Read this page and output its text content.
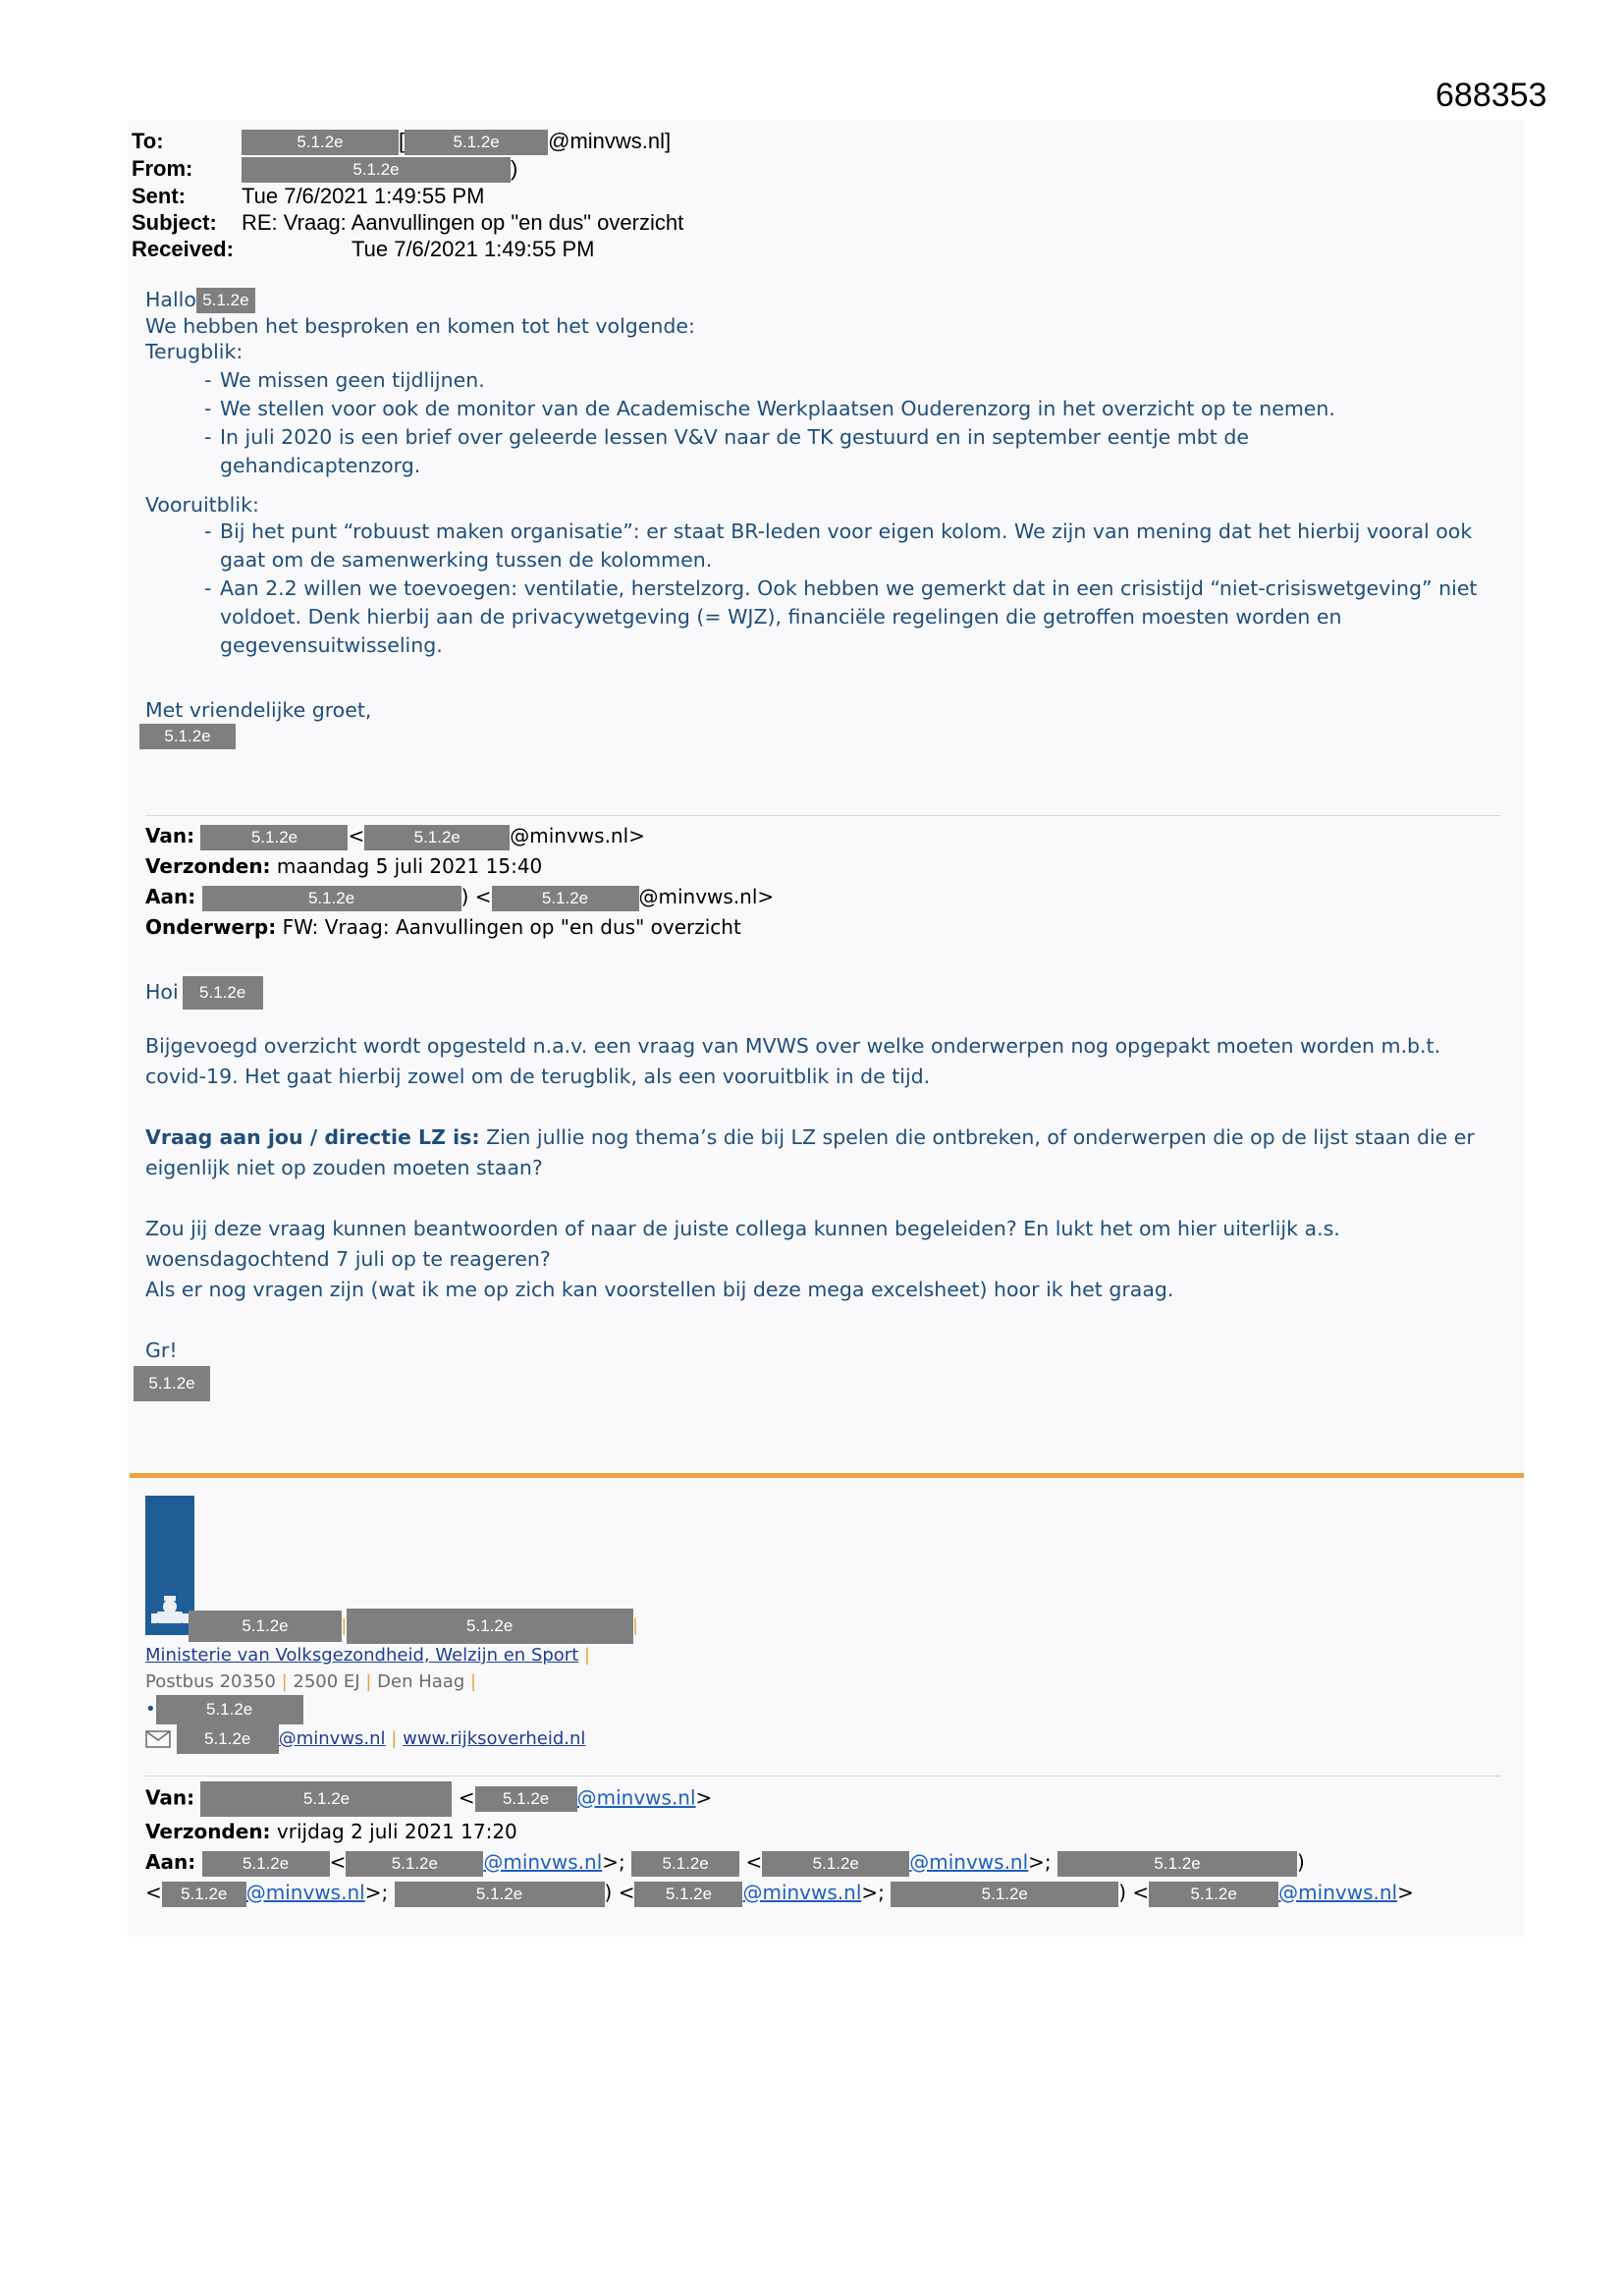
688353
To:	5.1.2e	[	5.1.2e @minvws.nl]
From:	5.1.2e	)
Sent:	Tue 7/6/2021 1:49:55 PM
Subject: RE: Vraag: Aanvullingen op "en dus" overzicht
Received:	Tue 7/6/2021 1:49:55 PM
Hallo 5.1.2e
We hebben het besproken en komen tot het volgende:
Terugblik:
- We missen geen tijdlijnen.
- We stellen voor ook de monitor van de Academische Werkplaatsen Ouderenzorg in het overzicht op te nemen.
- In juli 2020 is een brief over geleerde lessen V&V naar de TK gestuurd en in september eentje mbt de gehandicaptenzorg.
Vooruitblik:
- Bij het punt “robuust maken organisatie”: er staat BR-leden voor eigen kolom. We zijn van mening dat het hierbij vooral ook gaat om de samenwerking tussen de kolommen.
- Aan 2.2 willen we toevoegen: ventilatie, herstelzorg. Ook hebben we gemerkt dat in een crisistijd “niet-crisiswetgeving” niet voldoet. Denk hierbij aan de privacywetgeving (= WJZ), financiële regelingen die getroffen moesten worden en gegevensuitwisseling.
Met vriendelijke groet,
5.1.2e
Van:	5.1.2e	<	5.1.2e	@minvws.nl>
Verzonden: maandag 5 juli 2021 15:40
Aan:	5.1.2e	) <	5.1.2e	@minvws.nl>
Onderwerp: FW: Vraag: Aanvullingen op "en dus" overzicht
Hoi 5.1.2e
Bijgevoegd overzicht wordt opgesteld n.a.v. een vraag van MVWS over welke onderwerpen nog opgepakt moeten worden m.b.t. covid-19. Het gaat hierbij zowel om de terugblik, als een vooruitblik in de tijd.
Vraag aan jou / directie LZ is: Zien jullie nog thema’s die bij LZ spelen die ontbreken, of onderwerpen die op de lijst staan die er eigenlijk niet op zouden moeten staan?
Zou jij deze vraag kunnen beantwoorden of naar de juiste collega kunnen begeleiden? En lukt het om hier uiterlijk a.s. woensdagochtend 7 juli op te reageren?
Als er nog vragen zijn (wat ik me op zich kan voorstellen bij deze mega excelsheet) hoor ik het graag.
Gr!
5.1.2e
5.1.2e	|	5.1.2e	|
Ministerie van Volksgezondheid, Welzijn en Sport |
Postbus 20350 | 2500 EJ | Den Haag |
•	5.1.2e
5.1.2e @minvws.nl | www.rijksoverheid.nl
Van:	5.1.2e	< 5.1.2e @minvws.nl>
Verzonden: vrijdag 2 juli 2021 17:20
Aan:	5.1.2e <	5.1.2e @minvws.nl>; 5.1.2e <	5.1.2e	@minvws.nl>;	5.1.2e	)
< 5.1.2e @minvws.nl>;	5.1.2e	) < 5.1.2e @minvws.nl>;	5.1.2e	) < 5.1.2e @minvws.nl>
